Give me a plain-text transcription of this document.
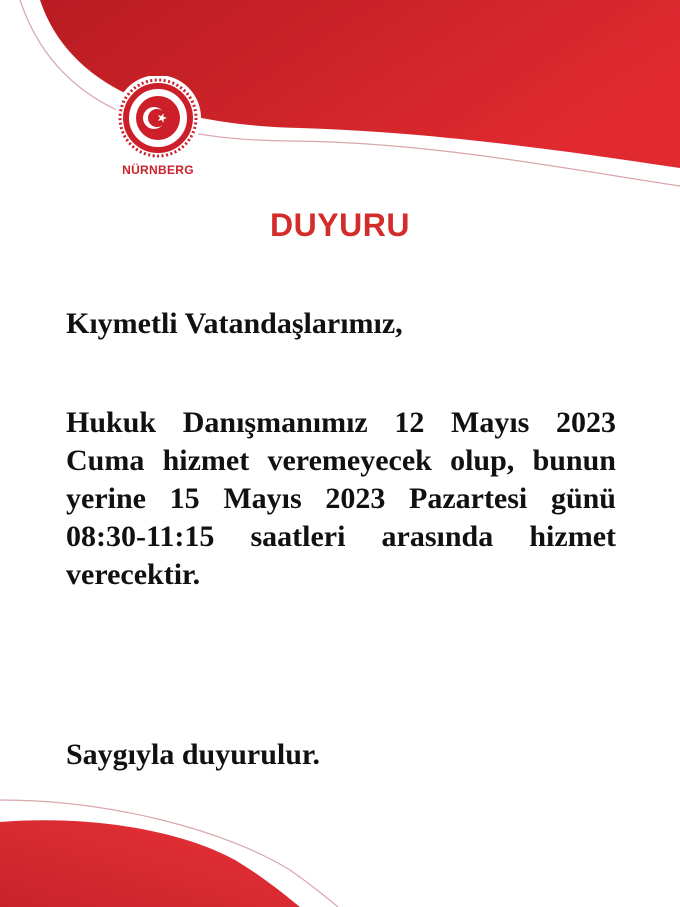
NÜRNBERG
DUYURU
Kıymetli Vatandaşlarımız,
Hukuk Danışmanımız 12 Mayıs 2023 Cuma hizmet veremeyecek olup, bunun yerine 15 Mayıs 2023 Pazartesi günü 08:30-11:15 saatleri arasında hizmet verecektir.
Saygıyla duyurulur.
